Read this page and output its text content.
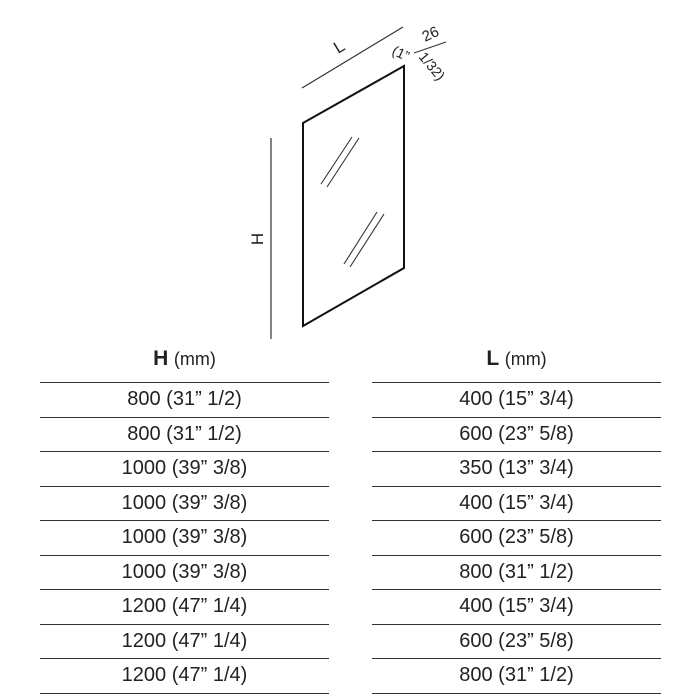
L
26
(1” 1/32)
H
H (mm)
800 (31” 1/2)
800 (31” 1/2)
1000 (39” 3/8)
1000 (39” 3/8)
1000 (39” 3/8)
1000 (39” 3/8)
1200 (47” 1/4)
1200 (47” 1/4)
1200 (47” 1/4)
L (mm)
400 (15” 3/4)
600 (23” 5/8)
350 (13” 3/4)
400 (15” 3/4)
600 (23” 5/8)
800 (31” 1/2)
400 (15” 3/4)
600 (23” 5/8)
800 (31” 1/2)
